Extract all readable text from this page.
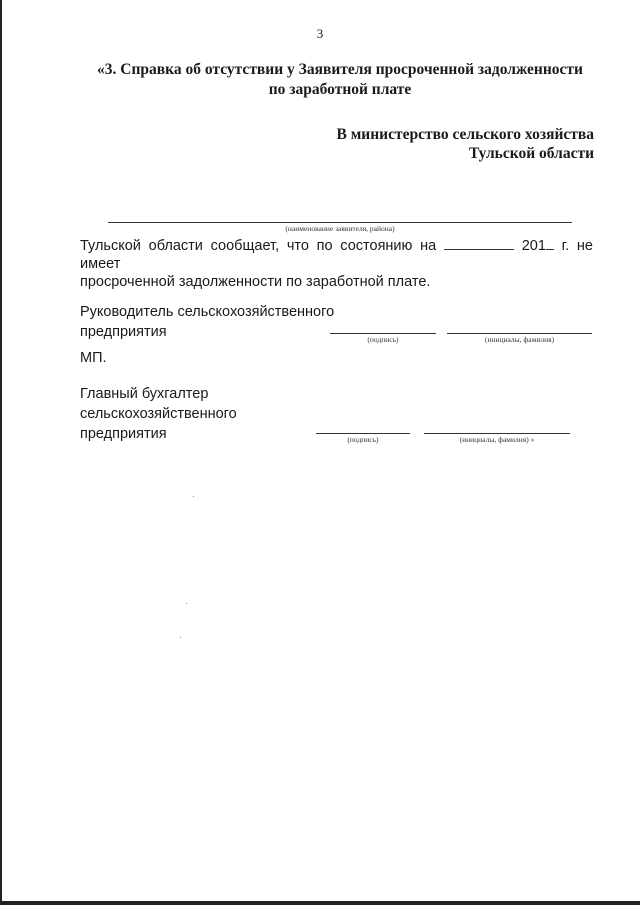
3
«3. Справка об отсутствии у Заявителя просроченной задолженности
по заработной плате
В министерство сельского хозяйства
Тульской области
(наименование заявителя, района)
Тульской области сообщает, что по состоянию на	201 г. не имеет
просроченной задолженности по заработной плате.
Руководитель сельскохозяйственного
предприятия	(подпись)	(инициалы, фамилия)
МП.
Главный бухгалтер
сельскохозяйственного
предприятия	(подпись)	(инициалы, фамилия) »
